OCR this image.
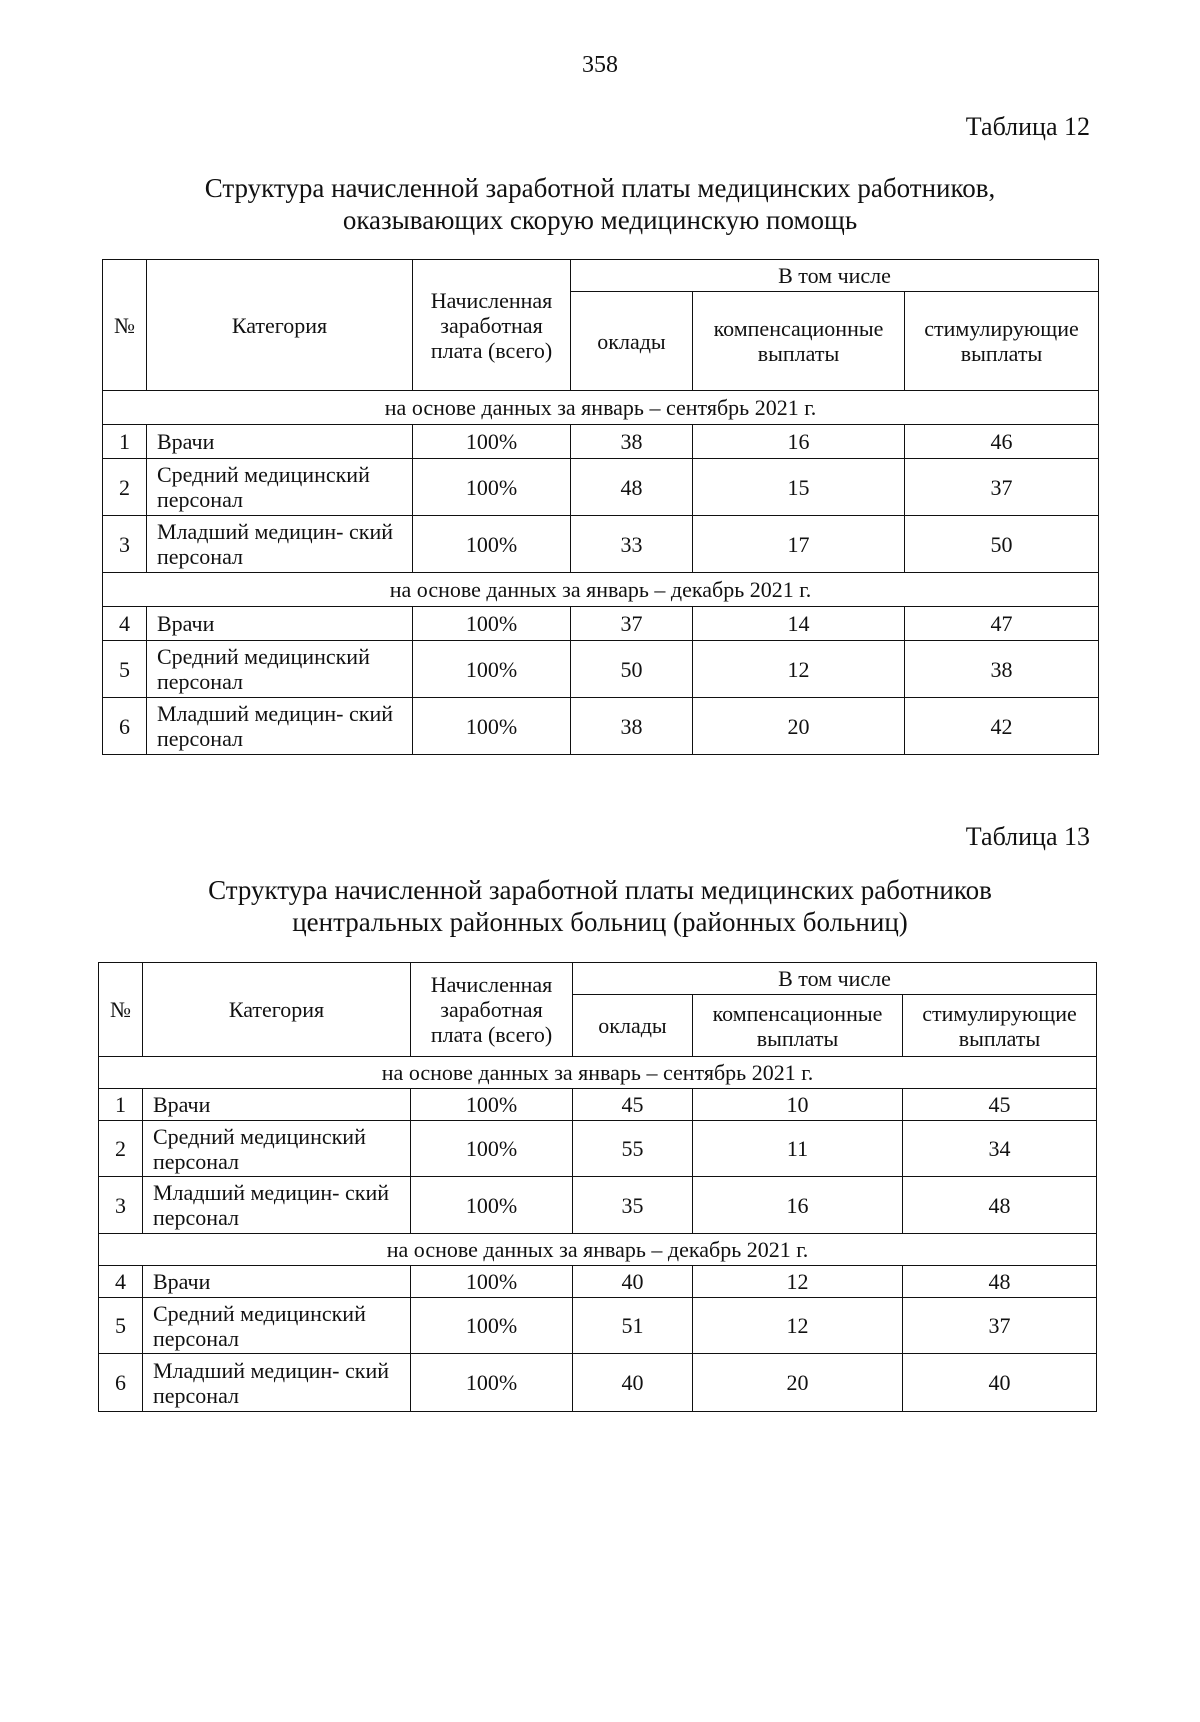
358
Таблица 12
Структура начисленной заработной платы медицинских работников,
оказывающих скорую медицинскую помощь
№	Категория	Начисленная заработная плата (всего)	В том числе		
			оклады	компенсационные выплаты	стимулирующие выплаты
на основе данных за январь – сентябрь 2021 г.					
1	Врачи	100%	38	16	46
2	Средний медицинский персонал	100%	48	15	37
3	Младший медицин- ский персонал	100%	33	17	50
на основе данных за январь – декабрь 2021 г.					
4	Врачи	100%	37	14	47
5	Средний медицинский персонал	100%	50	12	38
6	Младший медицин- ский персонал	100%	38	20	42
Таблица 13
Структура начисленной заработной платы медицинских работников
центральных районных больниц (районных больниц)
№	Категория	Начисленная заработная плата (всего)	В том числе		
			оклады	компенсационные выплаты	стимулирующие выплаты
на основе данных за январь – сентябрь 2021 г.					
1	Врачи	100%	45	10	45
2	Средний медицинский персонал	100%	55	11	34
3	Младший медицин- ский персонал	100%	35	16	48
на основе данных за январь – декабрь 2021 г.					
4	Врачи	100%	40	12	48
5	Средний медицинский персонал	100%	51	12	37
6	Младший медицин- ский персонал	100%	40	20	40
